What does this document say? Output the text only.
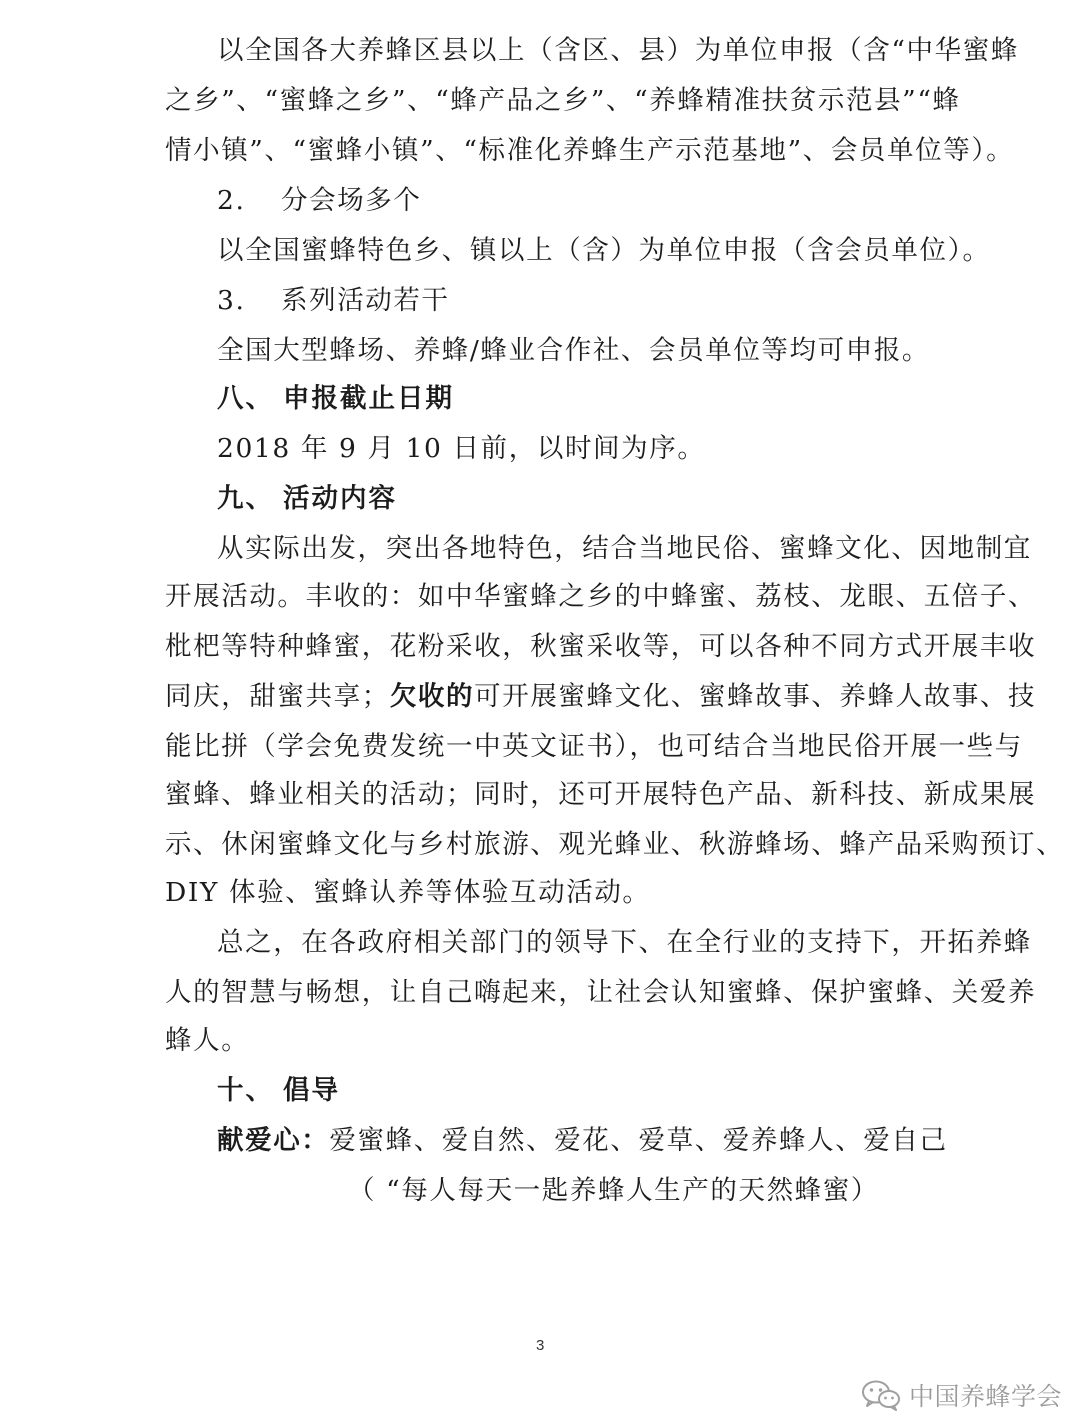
以全国各大养蜂区县以上（含区、县）为单位申报（含“中华蜜蜂
之乡”、“蜜蜂之乡”、“蜂产品之乡”、“养蜂精准扶贫示范县”“蜂
情小镇”、“蜜蜂小镇”、“标准化养蜂生产示范基地”、会员单位等）。
2. 分会场多个
以全国蜜蜂特色乡、镇以上（含）为单位申报（含会员单位）。
3. 系列活动若干
全国大型蜂场、养蜂/蜂业合作社、会员单位等均可申报。
八、 申报截止日期
2018 年 9 月 10 日前，以时间为序。
九、 活动内容
从实际出发，突出各地特色，结合当地民俗、蜜蜂文化、因地制宜
开展活动。丰收的：如中华蜜蜂之乡的中蜂蜜、荔枝、龙眼、五倍子、
枇杷等特种蜂蜜，花粉采收，秋蜜采收等，可以各种不同方式开展丰收
同庆，甜蜜共享；欠收的可开展蜜蜂文化、蜜蜂故事、养蜂人故事、技
能比拼（学会免费发统一中英文证书），也可结合当地民俗开展一些与
蜜蜂、蜂业相关的活动；同时，还可开展特色产品、新科技、新成果展
示、休闲蜜蜂文化与乡村旅游、观光蜂业、秋游蜂场、蜂产品采购预订、
DIY 体验、蜜蜂认养等体验互动活动。
总之，在各政府相关部门的领导下、在全行业的支持下，开拓养蜂
人的智慧与畅想，让自己嗨起来，让社会认知蜜蜂、保护蜜蜂、关爱养
蜂人。
十、 倡导
献爱心：爱蜜蜂、爱自然、爱花、爱草、爱养蜂人、爱自己
（ “每人每天一匙养蜂人生产的天然蜂蜜）
3
中国养蜂学会
